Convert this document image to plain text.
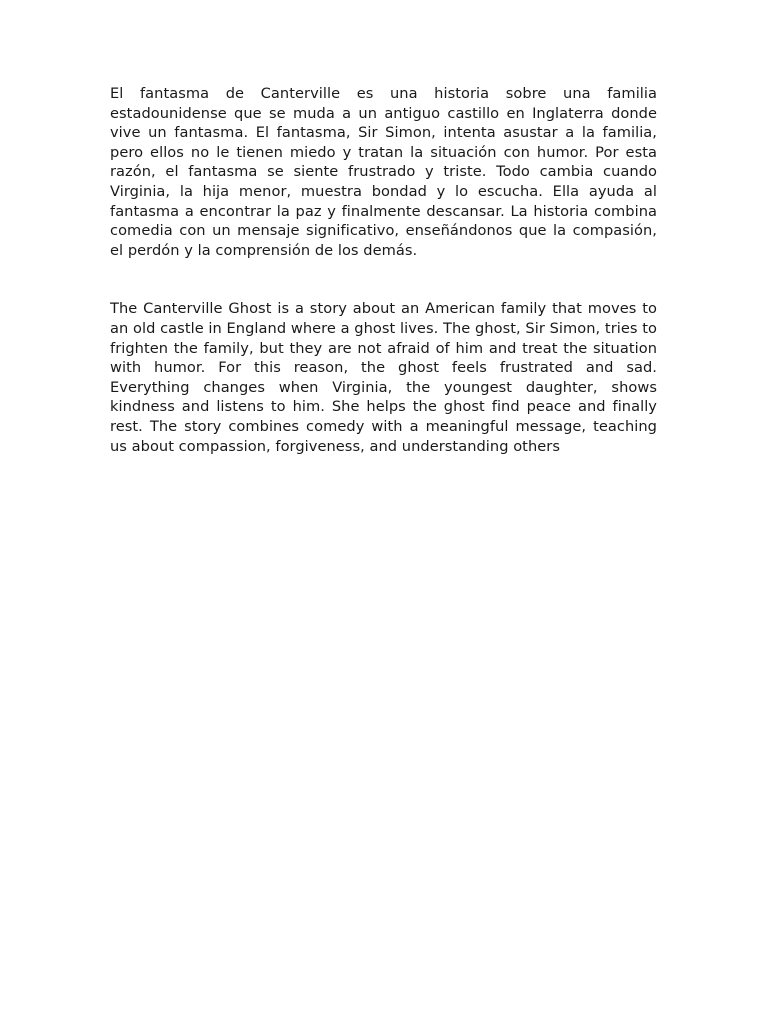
El fantasma de Canterville es una historia sobre una familia estadounidense que se muda a un antiguo castillo en Inglaterra donde vive un fantasma. El fantasma, Sir Simon, intenta asustar a la familia, pero ellos no le tienen miedo y tratan la situación con humor. Por esta razón, el fantasma se siente frustrado y triste. Todo cambia cuando Virginia, la hija menor, muestra bondad y lo escucha. Ella ayuda al fantasma a encontrar la paz y finalmente descansar. La historia combina comedia con un mensaje significativo, enseñándonos que la compasión, el perdón y la comprensión de los demás.

The Canterville Ghost is a story about an American family that moves to an old castle in England where a ghost lives. The ghost, Sir Simon, tries to frighten the family, but they are not afraid of him and treat the situation with humor. For this reason, the ghost feels frustrated and sad. Everything changes when Virginia, the youngest daughter, shows kindness and listens to him. She helps the ghost find peace and finally rest. The story combines comedy with a meaningful message, teaching us about compassion, forgiveness, and understanding others
